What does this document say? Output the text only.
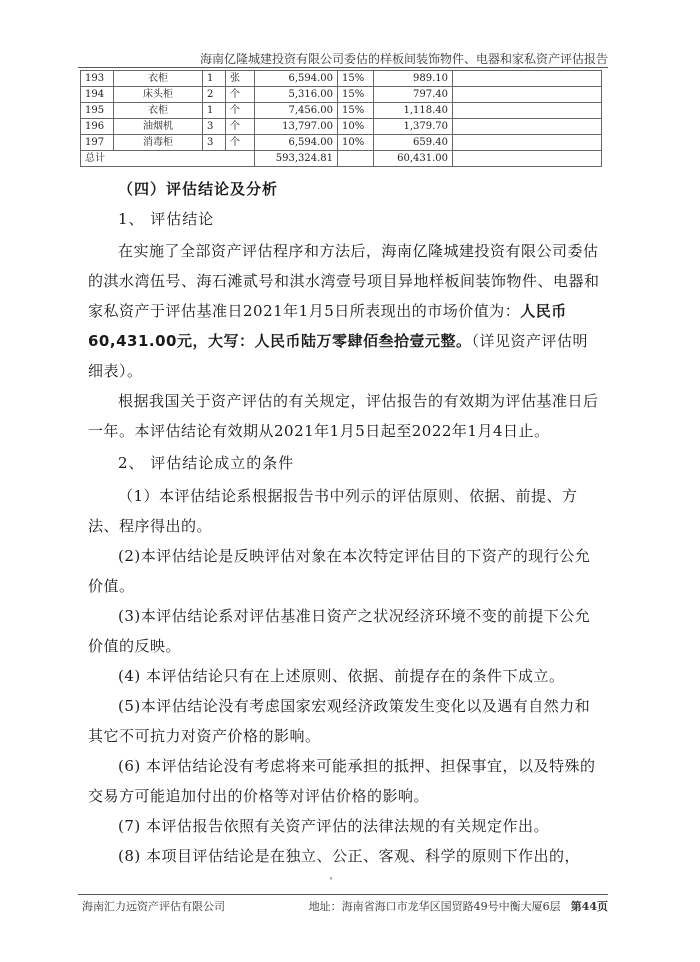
海南亿隆城建投资有限公司委估的样板间装饰物件、电器和家私资产评估报告
193	衣柜	1	张	6,594.00	15%	989.10	
194	床头柜	2	个	5,316.00	15%	797.40	
195	衣柜	1	个	7,456.00	15%	1,118.40	
196	油烟机	3	个	13,797.00	10%	1,379.70	
197	消毒柜	3	个	6,594.00	10%	659.40	
总计				593,324.81		60,431.00	
（四）评估结论及分析

1、 评估结论

在实施了全部资产评估程序和方法后，海南亿隆城建投资有限公司委估的淇水湾伍号、海石滩贰号和淇水湾壹号项目异地样板间装饰物件、电器和家私资产于评估基准日2021年1月5日所表现出的市场价值为：人民币60,431.00元，大写：人民币陆万零肆佰叁拾壹元整。（详见资产评估明细表）。

根据我国关于资产评估的有关规定，评估报告的有效期为评估基准日后一年。本评估结论有效期从2021年1月5日起至2022年1月4日止。

2、 评估结论成立的条件

（1）本评估结论系根据报告书中列示的评估原则、依据、前提、方法、程序得出的。

(2)本评估结论是反映评估对象在本次特定评估目的下资产的现行公允价值。

(3)本评估结论系对评估基准日资产之状况经济环境不变的前提下公允价值的反映。

(4) 本评估结论只有在上述原则、依据、前提存在的条件下成立。

(5)本评估结论没有考虑国家宏观经济政策发生变化以及遇有自然力和其它不可抗力对资产价格的影响。

(6) 本评估结论没有考虑将来可能承担的抵押、担保事宜，以及特殊的交易方可能追加付出的价格等对评估价格的影响。

(7) 本评估报告依照有关资产评估的法律法规的有关规定作出。

(8) 本项目评估结论是在独立、公正、客观、科学的原则下作出的，

°
海南汇力远资产评估有限公司	地址：海南省海口市龙华区国贸路49号中衡大厦6层 第44页
